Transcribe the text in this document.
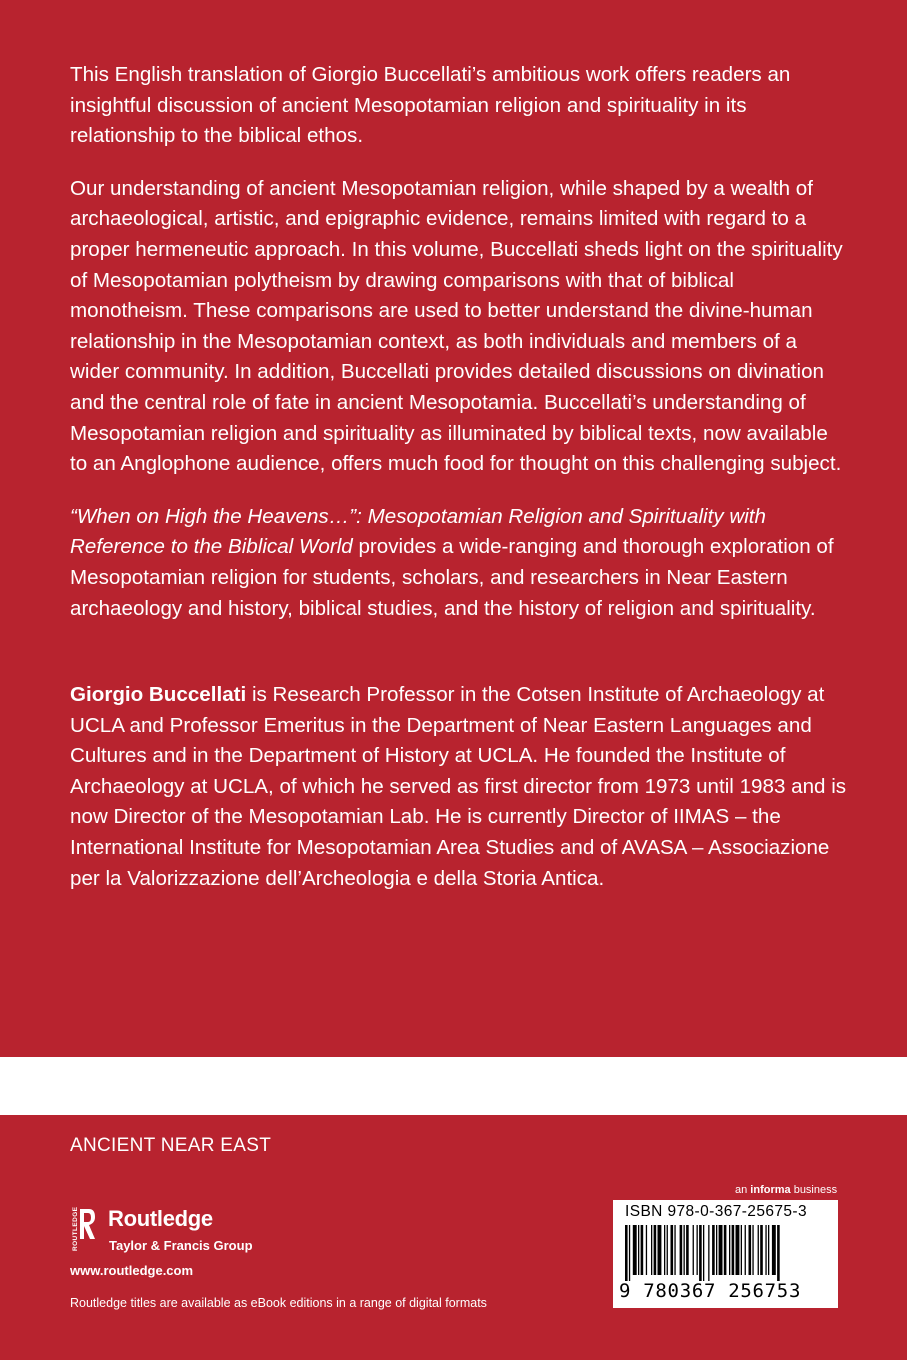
This English translation of Giorgio Buccellati’s ambitious work offers readers an insightful discussion of ancient Mesopotamian religion and spirituality in its relationship to the biblical ethos.

Our understanding of ancient Mesopotamian religion, while shaped by a wealth of archaeological, artistic, and epigraphic evidence, remains limited with regard to a proper hermeneutic approach. In this volume, Buccellati sheds light on the spirituality of Mesopotamian polytheism by drawing comparisons with that of biblical monotheism. These comparisons are used to better understand the divine-human relationship in the Mesopotamian context, as both individuals and members of a wider community. In addition, Buccellati provides detailed discussions on divination and the central role of fate in ancient Mesopotamia. Buccellati’s understanding of Mesopotamian religion and spirituality as illuminated by biblical texts, now available to an Anglophone audience, offers much food for thought on this challenging subject.

“When on High the Heavens…”: Mesopotamian Religion and Spirituality with Reference to the Biblical World provides a wide-ranging and thorough exploration of Mesopotamian religion for students, scholars, and researchers in Near Eastern archaeology and history, biblical studies, and the history of religion and spirituality.

Giorgio Buccellati is Research Professor in the Cotsen Institute of Archaeology at UCLA and Professor Emeritus in the Department of Near Eastern Languages and Cultures and in the Department of History at UCLA. He founded the Institute of Archaeology at UCLA, of which he served as first director from 1973 until 1983 and is now Director of the Mesopotamian Lab. He is currently Director of IIMAS – the International Institute for Mesopotamian Area Studies and of AVASA – Associazione per la Valorizzazione dell’Archeologia e della Storia Antica.

ANCIENT NEAR EAST
ROUTLEDGE Routledge
Taylor & Francis Group
www.routledge.com
Routledge titles are available as eBook editions in a range of digital formats
an informa business
ISBN 978-0-367-25675-3
9 780367 256753
